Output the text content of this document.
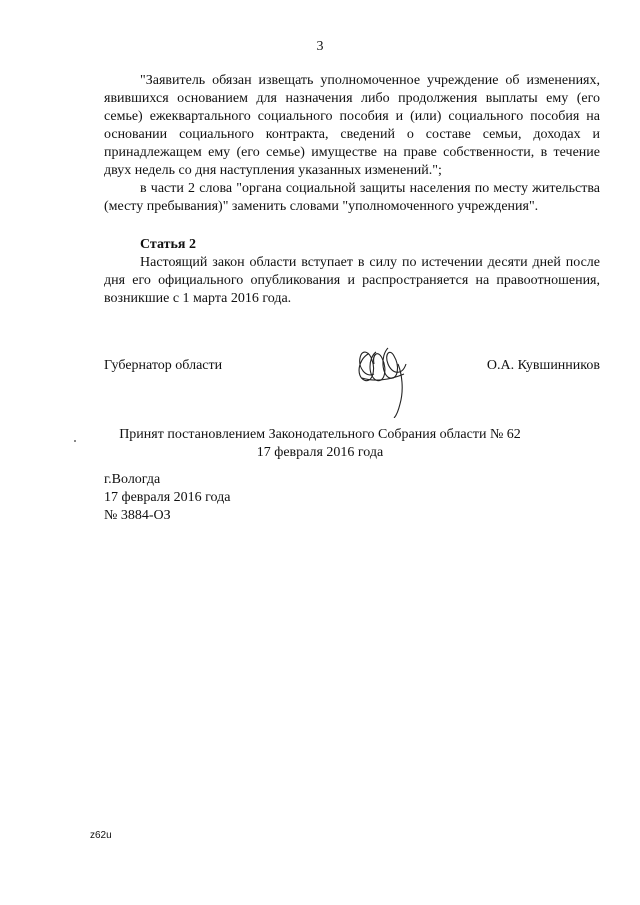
3

"Заявитель обязан извещать уполномоченное учреждение об изменениях, явившихся основанием для назначения либо продолжения выплаты ему (его семье) ежеквартального социального пособия и (или) социального пособия на основании социального контракта, сведений о составе семьи, доходах и принадлежащем ему (его семье) имуществе на праве собственности, в течение двух недель со дня наступления указанных изменений.";

в части 2 слова "органа социальной защиты населения по месту жительства (месту пребывания)" заменить словами "уполномоченного учреждения".

Статья 2

Настоящий закон области вступает в силу по истечении десяти дней после дня его официального опубликования и распространяется на правоотношения, возникшие с 1 марта 2016 года.

Губернатор области	О.А. Кувшинников
Принят постановлением Законодательного Собрания области № 62
17 февраля 2016 года
г.Вологда
17 февраля 2016 года
№ 3884-ОЗ
z62u
